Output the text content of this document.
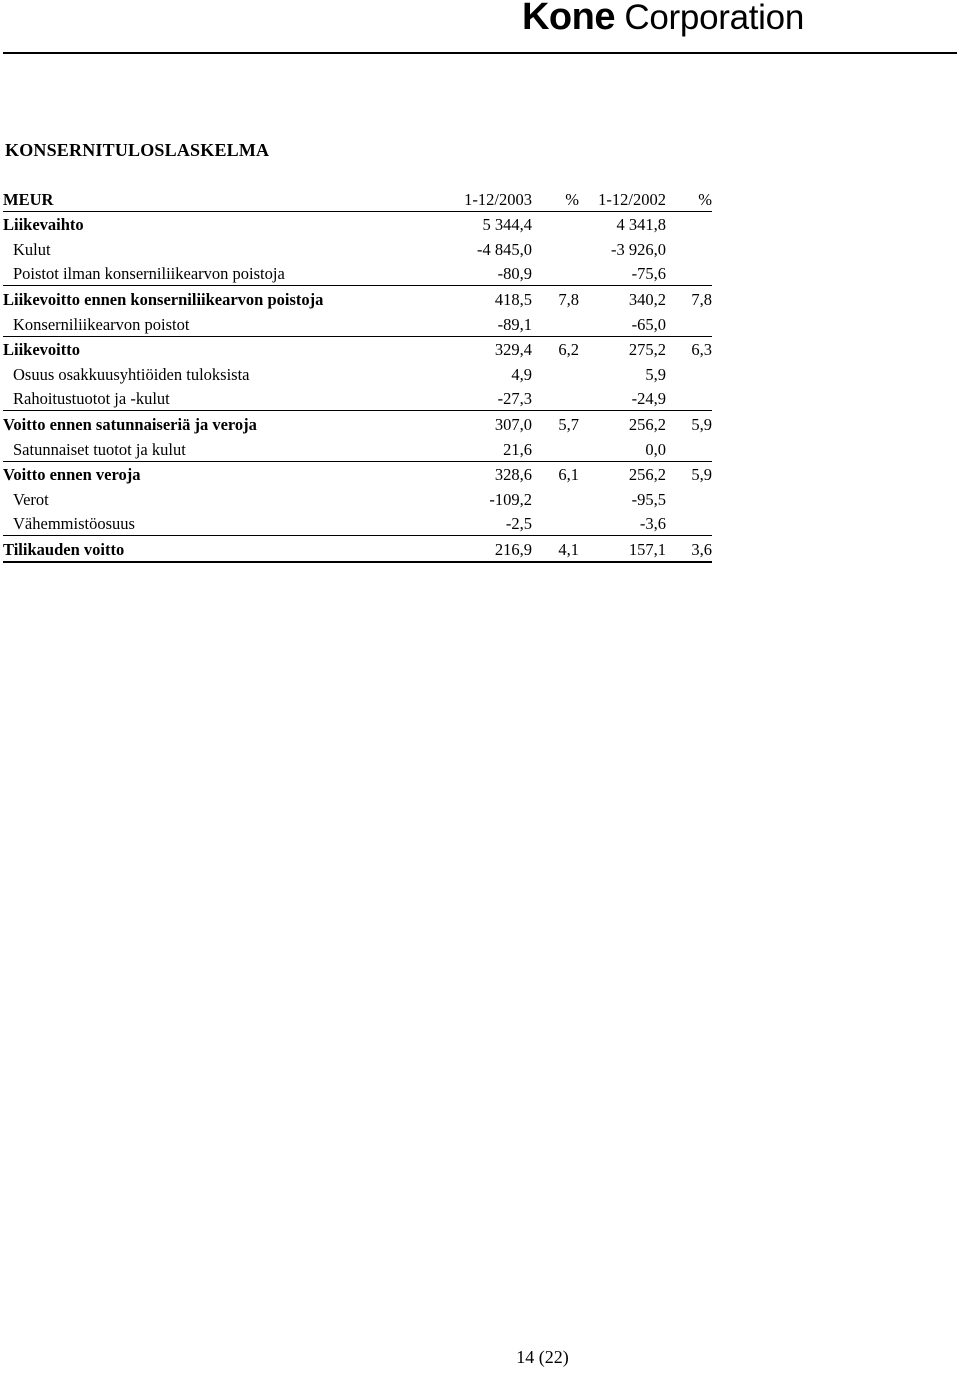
Kone Corporation
KONSERNITULOSLASKELMA
MEUR	1-12/2003	%	1-12/2002	%
Liikevaihto	5 344,4		4 341,8	
Kulut	-4 845,0		-3 926,0	
Poistot ilman konserniliikearvon poistoja	-80,9		-75,6	
Liikevoitto ennen konserniliikearvon poistoja	418,5	7,8	340,2	7,8
Konserniliikearvon poistot	-89,1		-65,0	
Liikevoitto	329,4	6,2	275,2	6,3
Osuus osakkuusyhtiöiden tuloksista	4,9		5,9	
Rahoitustuotot ja -kulut	-27,3		-24,9	
Voitto ennen satunnaiseriä ja veroja	307,0	5,7	256,2	5,9
Satunnaiset tuotot ja kulut	21,6		0,0	
Voitto ennen veroja	328,6	6,1	256,2	5,9
Verot	-109,2		-95,5	
Vähemmistöosuus	-2,5		-3,6	
Tilikauden voitto	216,9	4,1	157,1	3,6
14 (22)
